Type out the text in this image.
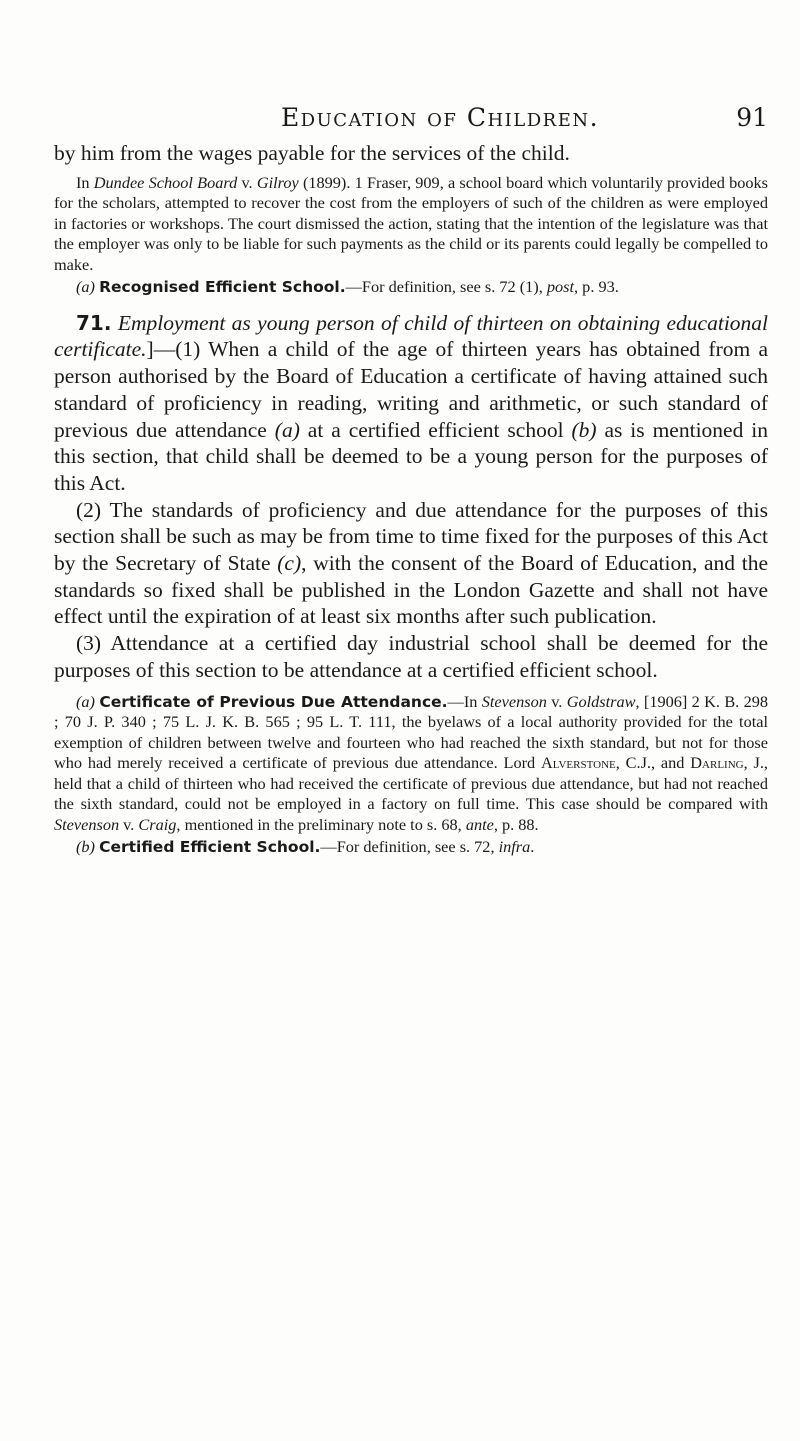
Education of Children.	91

by him from the wages payable for the services of the child.

In Dundee School Board v. Gilroy (1899). 1 Fraser, 909, a school board which voluntarily provided books for the scholars, attempted to recover the cost from the employers of such of the children as were employed in factories or workshops. The court dismissed the action, stating that the intention of the legislature was that the employer was only to be liable for such payments as the child or its parents could legally be compelled to make.

(a) Recognised Efficient School.—For definition, see s. 72 (1), post, p. 93.

71. Employment as young person of child of thirteen on obtaining educational certificate.]—(1) When a child of the age of thirteen years has obtained from a person authorised by the Board of Education a certificate of having attained such standard of proficiency in reading, writing and arithmetic, or such standard of previous due attendance (a) at a certified efficient school (b) as is mentioned in this section, that child shall be deemed to be a young person for the purposes of this Act.

(2) The standards of proficiency and due attendance for the purposes of this section shall be such as may be from time to time fixed for the purposes of this Act by the Secretary of State (c), with the consent of the Board of Education, and the standards so fixed shall be published in the London Gazette and shall not have effect until the expiration of at least six months after such publication.

(3) Attendance at a certified day industrial school shall be deemed for the purposes of this section to be attendance at a certified efficient school.

(a) Certificate of Previous Due Attendance.—In Stevenson v. Goldstraw, [1906] 2 K. B. 298 ; 70 J. P. 340 ; 75 L. J. K. B. 565 ; 95 L. T. 111, the byelaws of a local authority provided for the total exemption of children between twelve and fourteen who had reached the sixth standard, but not for those who had merely received a certificate of previous due attendance. Lord Alverstone, C.J., and Darling, J., held that a child of thirteen who had received the certificate of previous due attendance, but had not reached the sixth standard, could not be employed in a factory on full time. This case should be compared with Stevenson v. Craig, mentioned in the preliminary note to s. 68, ante, p. 88.

(b) Certified Efficient School.—For definition, see s. 72, infra.
